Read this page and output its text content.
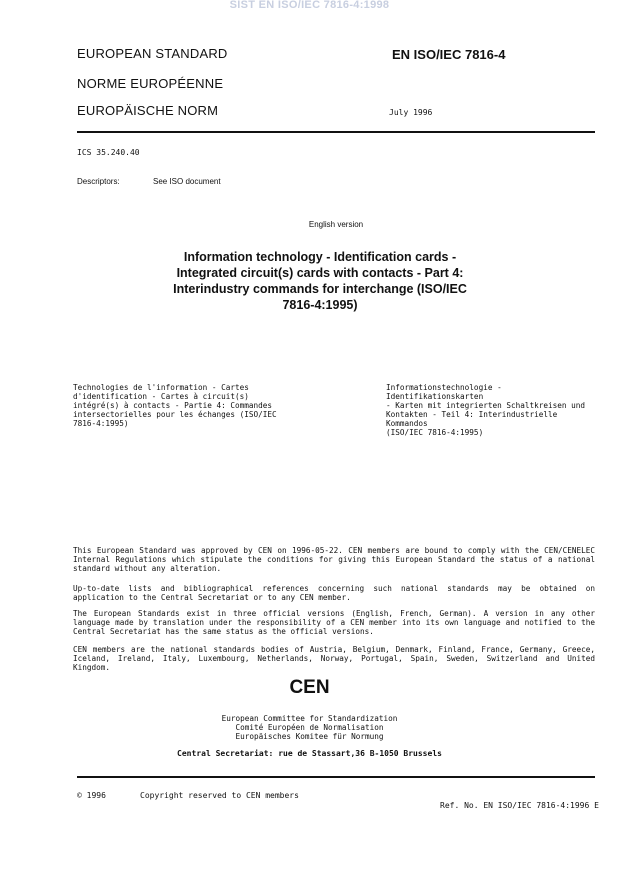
SIST EN ISO/IEC 7816-4:1998
EUROPEAN STANDARD
NORME EUROPÉENNE
EUROPÄISCHE NORM
EN ISO/IEC 7816-4
July 1996
ICS 35.240.40
Descriptors:	See ISO document
English version
Information technology - Identification cards -
Integrated circuit(s) cards with contacts - Part 4:
Interindustry commands for interchange (ISO/IEC
7816-4:1995)
Technologies de l'information - Cartes
d'identification - Cartes à circuit(s)
intégré(s) à contacts - Partie 4: Commandes
intersectorielles pour les échanges (ISO/IEC
7816-4:1995)
Informationstechnologie - Identifikationskarten
- Karten mit integrierten Schaltkreisen und
Kontakten - Teil 4: Interindustrielle Kommandos
(ISO/IEC 7816-4:1995)
This European Standard was approved by CEN on 1996-05-22. CEN members are bound to comply with the CEN/CENELEC Internal Regulations which stipulate the conditions for giving this European Standard the status of a national standard without any alteration.
Up-to-date lists and bibliographical references concerning such national standards may be obtained on application to the Central Secretariat or to any CEN member.
The European Standards exist in three official versions (English, French, German). A version in any other language made by translation under the responsibility of a CEN member into its own language and notified to the Central Secretariat has the same status as the official versions.
CEN members are the national standards bodies of Austria, Belgium, Denmark, Finland, France, Germany, Greece, Iceland, Ireland, Italy, Luxembourg, Netherlands, Norway, Portugal, Spain, Sweden, Switzerland and United Kingdom.
CEN
European Committee for Standardization
Comité Européen de Normalisation
Europäisches Komitee für Normung
Central Secretariat: rue de Stassart,36 B-1050 Brussels
© 1996	Copyright reserved to CEN members
Ref. No. EN ISO/IEC 7816-4:1996 E
